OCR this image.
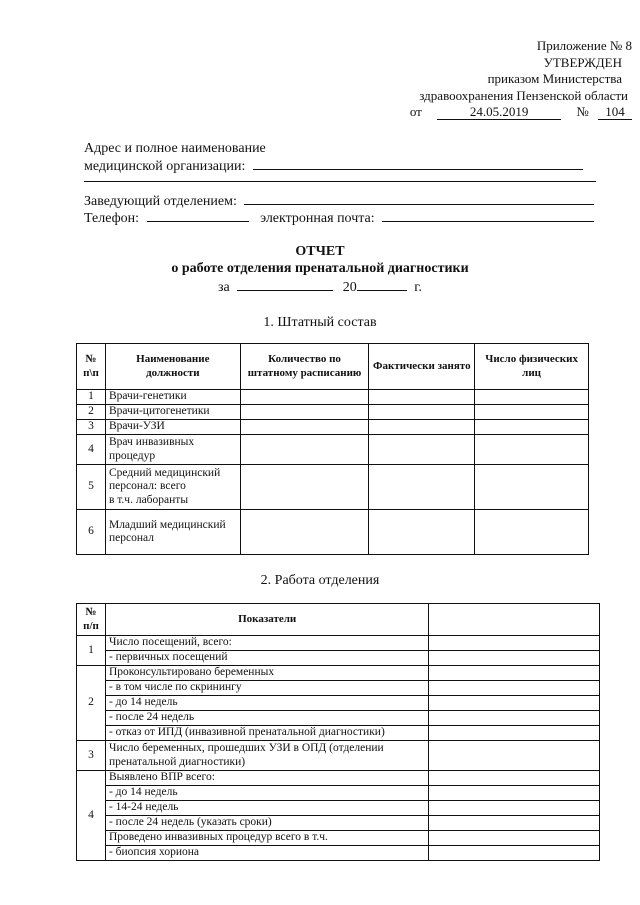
Приложение № 8
УТВЕРЖДЕН
приказом Министерства
здравоохранения Пензенской области
от	24.05.2019	№ 104
Адрес и полное наименование
медицинской организации:
Заведующий отделением:
Телефон:	электронная почта:
ОТЧЕТ
о работе отделения пренатальной диагностики
за	20	г.
1. Штатный состав
№ п\п	Наименование должности	Количество по штатному расписанию	Фактически занято	Число физических лиц
1	Врачи-генетики			
2	Врачи-цитогенетики			
3	Врачи-УЗИ			
4	Врач инвазивных процедур			
5	Средний медицинский персонал: всего
в т.ч. лаборанты			
6	Младший медицинский персонал			
2. Работа отделения
№ п/п	Показатели	
1	Число посещений, всего:	
	- первичных посещений	
2	Проконсультировано беременных	
	- в том числе по скринингу	
	- до 14 недель	
	- после 24 недель	
	- отказ от ИПД (инвазивной пренатальной диагностики)	
3	Число беременных, прошедших УЗИ в ОПД (отделении пренатальной диагностики)	
4	Выявлено ВПР всего:	
	- до 14 недель	
	- 14-24 недель	
	- после 24 недель (указать сроки)	
	Проведено инвазивных процедур всего в т.ч.	
	- биопсия хориона	
